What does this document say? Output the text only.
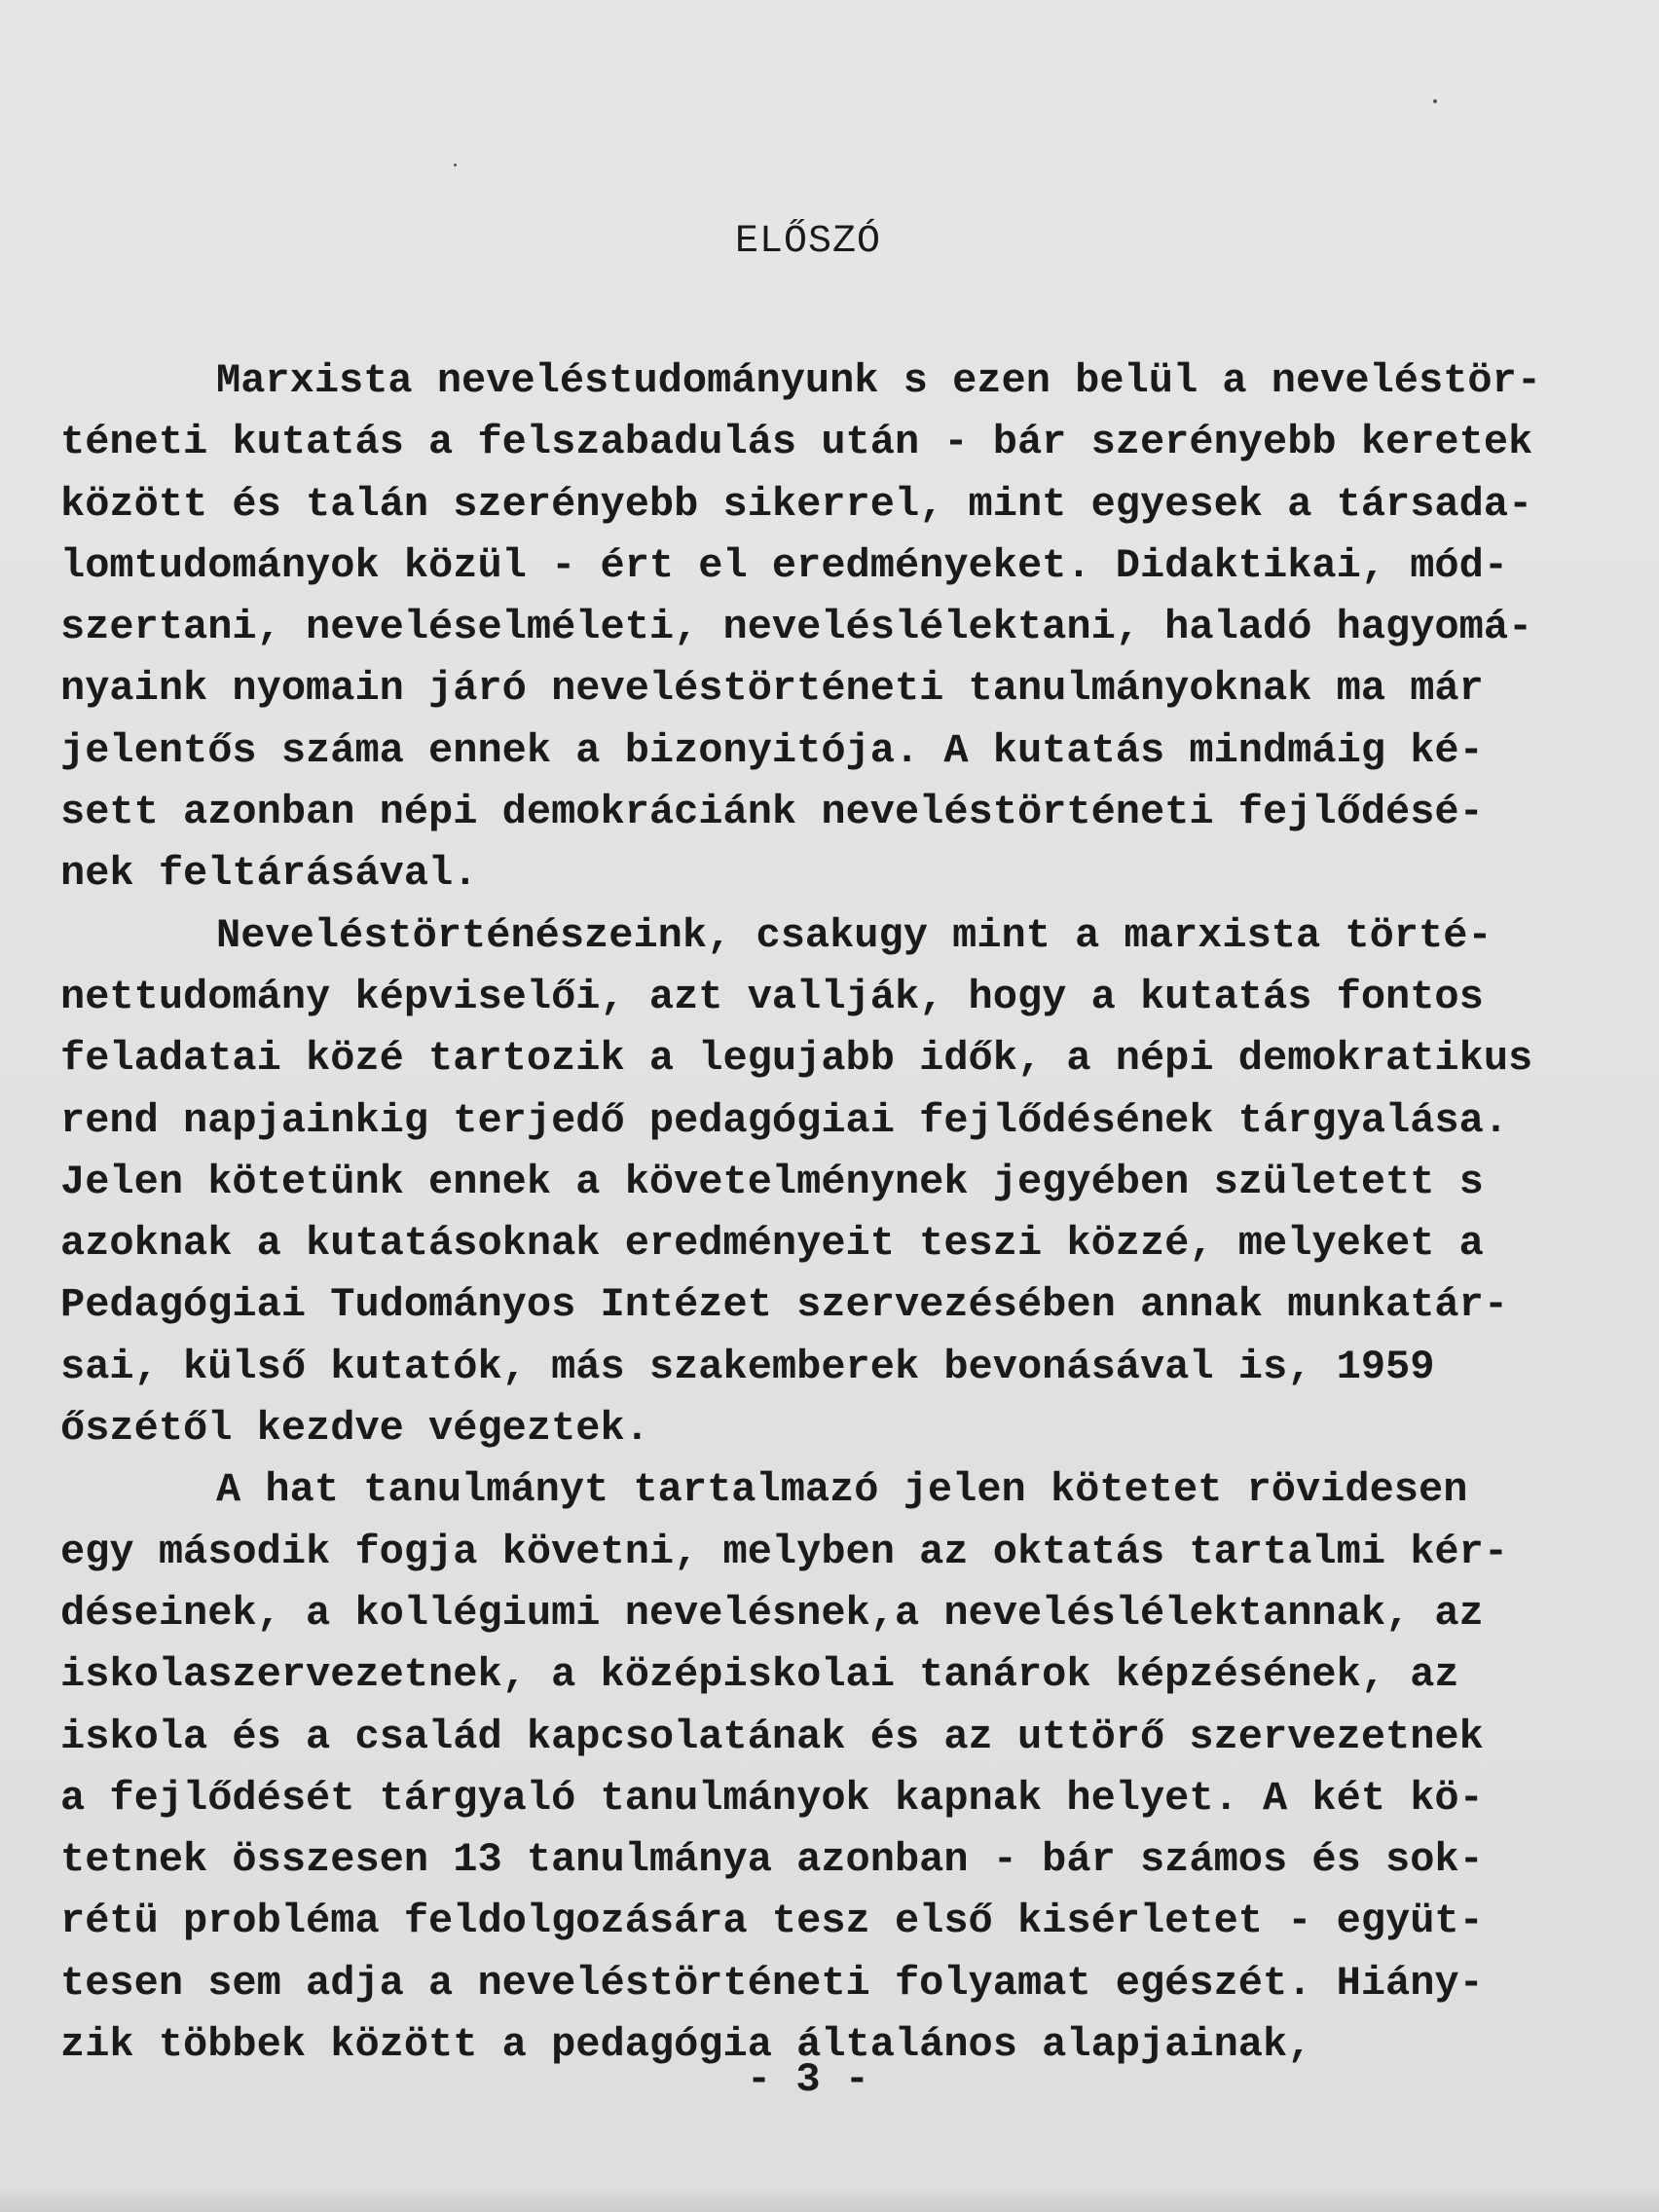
ELŐSZÓ
Marxista neveléstudományunk s ezen belül a neveléstör-
téneti kutatás a felszabadulás után - bár szerényebb keretek
között és talán szerényebb sikerrel, mint egyesek a társada-
lomtudományok közül - ért el eredményeket. Didaktikai, mód-
szertani, neveléselméleti, neveléslélektani, haladó hagyomá-
nyaink nyomain járó neveléstörténeti tanulmányoknak ma már
jelentős száma ennek a bizonyitója. A kutatás mindmáig ké-
sett azonban népi demokráciánk neveléstörténeti fejlődésé-
nek feltárásával.
Neveléstörténészeink, csakugy mint a marxista törté-
nettudomány képviselői, azt vallják, hogy a kutatás fontos
feladatai közé tartozik a legujabb idők, a népi demokratikus
rend napjainkig terjedő pedagógiai fejlődésének tárgyalása.
Jelen kötetünk ennek a követelménynek jegyében született s
azoknak a kutatásoknak eredményeit teszi közzé, melyeket a
Pedagógiai Tudományos Intézet szervezésében annak munkatár-
sai, külső kutatók, más szakemberek bevonásával is, 1959
őszétől kezdve végeztek.
A hat tanulmányt tartalmazó jelen kötetet rövidesen
egy második fogja követni, melyben az oktatás tartalmi kér-
déseinek, a kollégiumi nevelésnek,a neveléslélektannak, az
iskolaszervezetnek, a középiskolai tanárok képzésének, az
iskola és a család kapcsolatának és az uttörő szervezetnek
a fejlődését tárgyaló tanulmányok kapnak helyet. A két kö-
tetnek összesen 13 tanulmánya azonban - bár számos és sok-
rétü probléma feldolgozására tesz első kisérletet - együt-
tesen sem adja a neveléstörténeti folyamat egészét. Hiány-
zik többek között a pedagógia általános alapjainak,
- 3 -
